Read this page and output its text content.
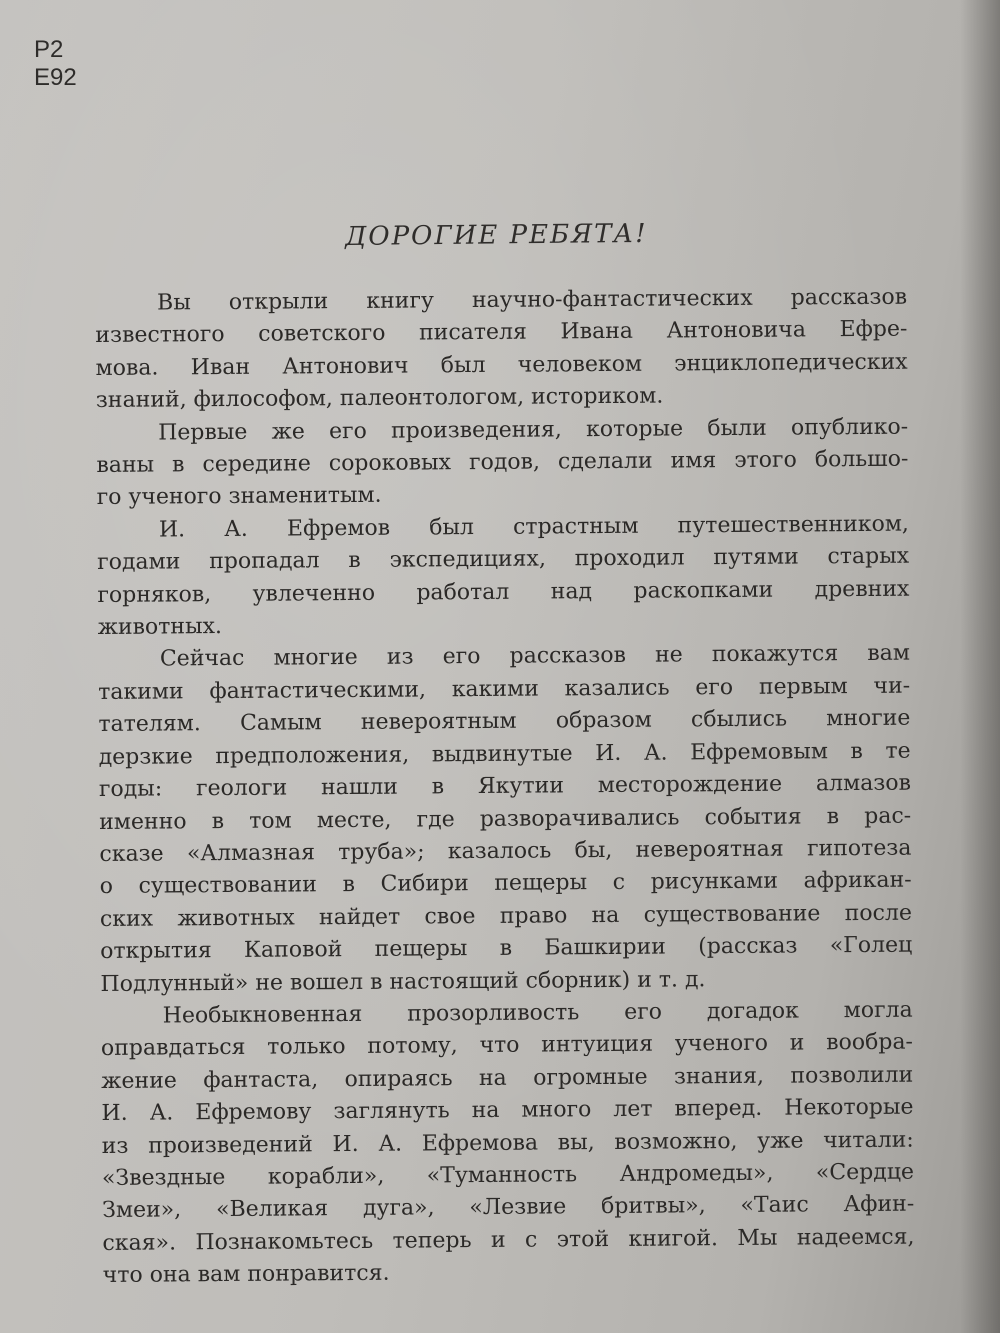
Р2
Е92
ДОРОГИЕ РЕБЯТА!
Вы открыли книгу научно-фантастических рассказов
известного советского писателя Ивана Антоновича Ефре-
мова. Иван Антонович был человеком энциклопедических
знаний, философом, палеонтологом, историком.
Первые же его произведения, которые были опублико-
ваны в середине сороковых годов, сделали имя этого большо-
го ученого знаменитым.
И. А. Ефремов был страстным путешественником,
годами пропадал в экспедициях, проходил путями старых
горняков, увлеченно работал над раскопками древних
животных.
Сейчас многие из его рассказов не покажутся вам
такими фантастическими, какими казались его первым чи-
тателям. Самым невероятным образом сбылись многие
дерзкие предположения, выдвинутые И. А. Ефремовым в те
годы: геологи нашли в Якутии месторождение алмазов
именно в том месте, где разворачивались события в рас-
сказе «Алмазная труба»; казалось бы, невероятная гипотеза
о существовании в Сибири пещеры с рисунками африкан-
ских животных найдет свое право на существование после
открытия Каповой пещеры в Башкирии (рассказ «Голец
Подлунный» не вошел в настоящий сборник) и т. д.
Необыкновенная прозорливость его догадок могла
оправдаться только потому, что интуиция ученого и вообра-
жение фантаста, опираясь на огромные знания, позволили
И. А. Ефремову заглянуть на много лет вперед. Некоторые
из произведений И. А. Ефремова вы, возможно, уже читали:
«Звездные корабли», «Туманность Андромеды», «Сердце
Змеи», «Великая дуга», «Лезвие бритвы», «Таис Афин-
ская». Познакомьтесь теперь и с этой книгой. Мы надеемся,
что она вам понравится.
